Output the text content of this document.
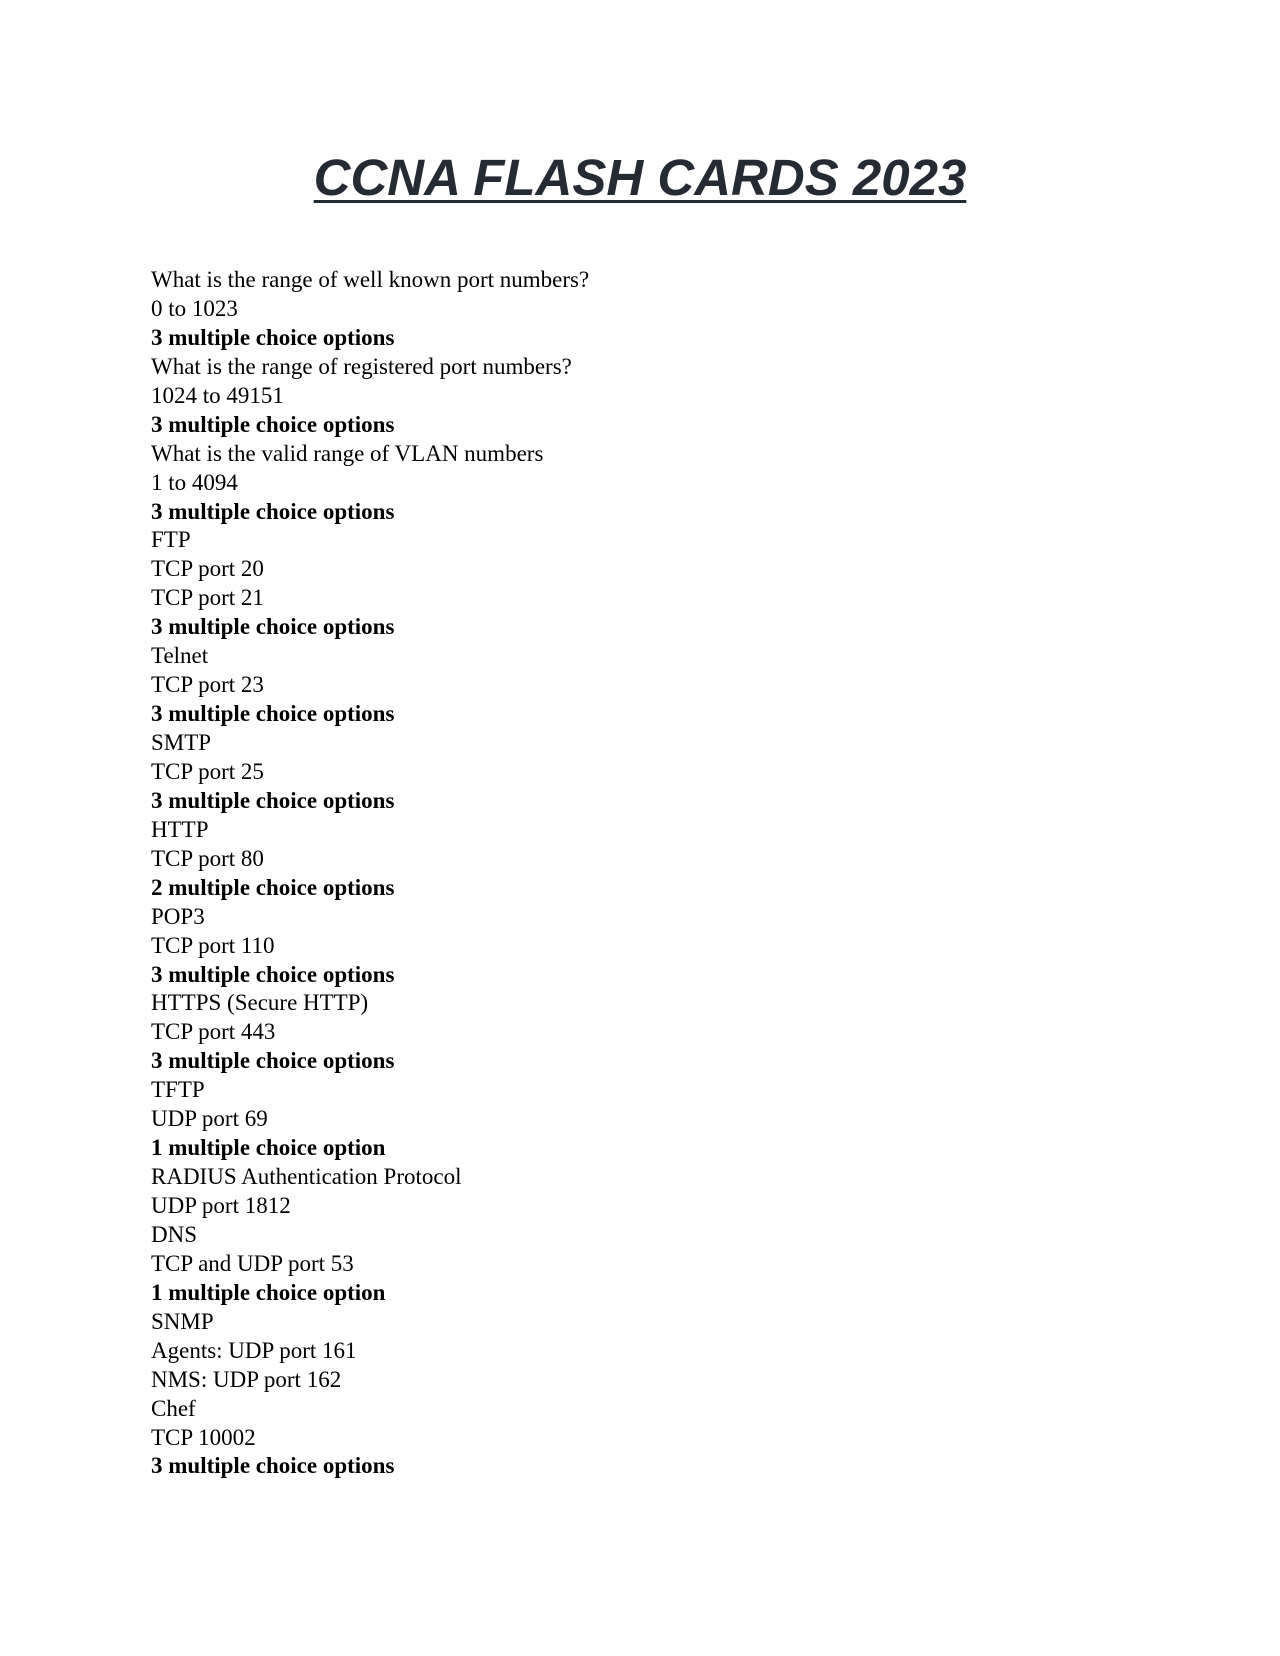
CCNA FLASH CARDS 2023
What is the range of well known port numbers?
0 to 1023
3 multiple choice options
What is the range of registered port numbers?
1024 to 49151
3 multiple choice options
What is the valid range of VLAN numbers
1 to 4094
3 multiple choice options
FTP
TCP port 20
TCP port 21
3 multiple choice options
Telnet
TCP port 23
3 multiple choice options
SMTP
TCP port 25
3 multiple choice options
HTTP
TCP port 80
2 multiple choice options
POP3
TCP port 110
3 multiple choice options
HTTPS (Secure HTTP)
TCP port 443
3 multiple choice options
TFTP
UDP port 69
1 multiple choice option
RADIUS Authentication Protocol
UDP port 1812
DNS
TCP and UDP port 53
1 multiple choice option
SNMP
Agents: UDP port 161
NMS: UDP port 162
Chef
TCP 10002
3 multiple choice options
